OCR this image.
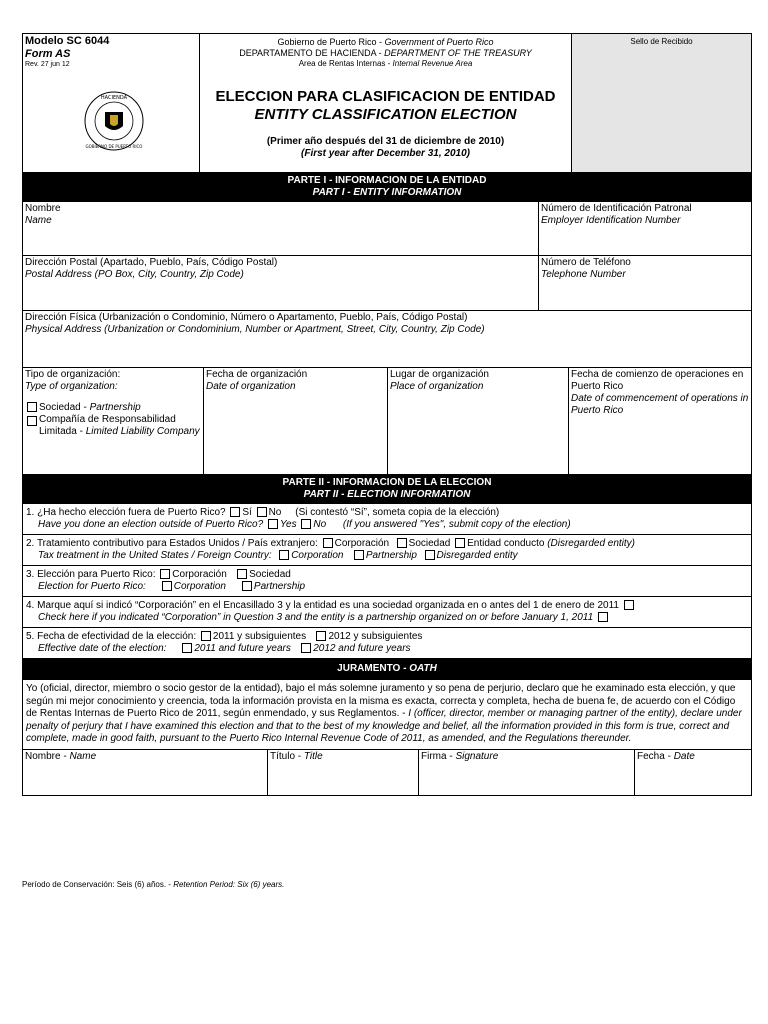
Modelo SC 6044
Form AS
Rev. 27 jun 12
HACIENDA
GOBIERNO DE PUERTO RICO
Gobierno de Puerto Rico - Government of Puerto Rico
DEPARTAMENTO DE HACIENDA - DEPARTMENT OF THE TREASURY
Area de Rentas Internas - Internal Revenue Area
ELECCION PARA CLASIFICACION DE ENTIDAD
ENTITY CLASSIFICATION ELECTION
(Primer año después del 31 de diciembre de 2010)
(First year after December 31, 2010)
Sello de Recibido
PARTE I - INFORMACION DE LA ENTIDAD
PART I - ENTITY INFORMATION
Nombre
Name
Número de Identificación Patronal
Employer Identification Number
Dirección Postal (Apartado, Pueblo, País, Código Postal)
Postal Address (PO Box, City, Country, Zip Code)
Número de Teléfono
Telephone Number
Dirección Física (Urbanización o Condominio, Número o Apartamento, Pueblo, País, Código Postal)
Physical Address (Urbanization or Condominium, Number or Apartment, Street, City, Country, Zip Code)
Tipo de organización:
Type of organization:
Sociedad - Partnership
Compañía de Responsabilidad Limitada - Limited Liability Company
Fecha de organización
Date of organization
Lugar de organización
Place of organization
Fecha de comienzo de operaciones en Puerto Rico
Date of commencement of operations in Puerto Rico
PARTE II - INFORMACION DE LA ELECCION
PART II - ELECTION INFORMATION
1. ¿Ha hecho elección fuera de Puerto Rico? Sí No (Si contestó “Sí”, someta copia de la elección)
Have you done an election outside of Puerto Rico? Yes No (If you answered "Yes", submit copy of the election)
2. Tratamiento contributivo para Estados Unidos / País extranjero: Corporación Sociedad Entidad conducto (Disregarded entity)
Tax treatment in the United States / Foreign Country: Corporation Partnership Disregarded entity
3. Elección para Puerto Rico: Corporación Sociedad
Election for Puerto Rico:	Corporation	Partnership
4. Marque aquí si indicó “Corporación” en el Encasillado 3 y la entidad es una sociedad organizada en o antes del 1 de enero de 2011
Check here if you indicated “Corporation” in Question 3 and the entity is a partnership organized on or before January 1, 2011
5. Fecha de efectividad de la elección: 2011 y subsiguientes 2012 y subsiguientes
Effective date of the election:	2011 and future years 2012 and future years
JURAMENTO - OATH
Yo (oficial, director, miembro o socio gestor de la entidad), bajo el más solemne juramento y so pena de perjurio, declaro que he examinado esta elección, y que según mi mejor conocimiento y creencia, toda la información provista en la misma es exacta, correcta y completa, hecha de buena fe, de acuerdo con el Código de Rentas Internas de Puerto Rico de 2011, según enmendado, y sus Reglamentos. - I (officer, director, member or managing partner of the entity), declare under penalty of perjury that I have examined this election and that to the best of my knowledge and belief, all the information provided in this form is true, correct and complete, made in good faith, pursuant to the Puerto Rico Internal Revenue Code of 2011, as amended, and the Regulations thereunder.
Nombre - Name	Título - Title	Firma - Signature	Fecha - Date
Período de Conservación: Seis (6) años. - Retention Period: Six (6) years.
